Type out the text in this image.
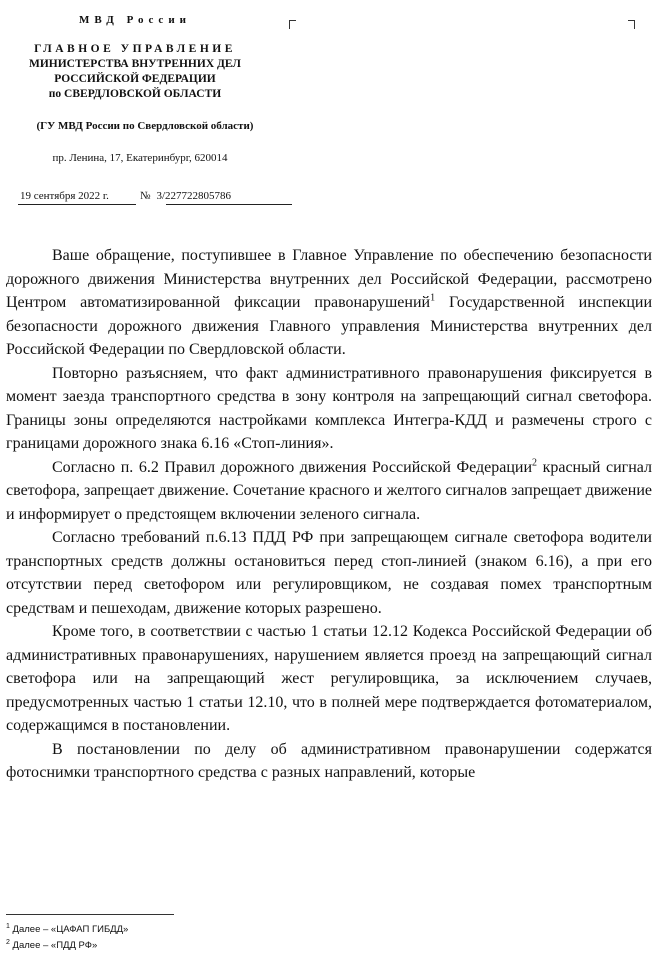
МВД России
ГЛАВНОЕ УПРАВЛЕНИЕ
МИНИСТЕРСТВА ВНУТРЕННИХ ДЕЛ
РОССИЙСКОЙ ФЕДЕРАЦИИ
по СВЕРДЛОВСКОЙ ОБЛАСТИ
(ГУ МВД России по Свердловской области)
пр. Ленина, 17, Екатеринбург, 620014
19 сентября 2022 г.	№ 3/227722805786

Ваше обращение, поступившее в Главное Управление по обеспечению безопасности дорожного движения Министерства внутренних дел Российской Федерации, рассмотрено Центром автоматизированной фиксации правонарушений$^1$ Государственной инспекции безопасности дорожного движения Главного управления Министерства внутренних дел Российской Федерации по Свердловской области.

Повторно разъясняем, что факт административного правонарушения фиксируется в момент заезда транспортного средства в зону контроля на запрещающий сигнал светофора. Границы зоны определяются настройками комплекса Интегра-КДД и размечены строго с границами дорожного знака 6.16 «Стоп-линия».

Согласно п. 6.2 Правил дорожного движения Российской Федерации$^2$ красный сигнал светофора, запрещает движение. Сочетание красного и желтого сигналов запрещает движение и информирует о предстоящем включении зеленого сигнала.

Согласно требований п.6.13 ПДД РФ при запрещающем сигнале светофора водители транспортных средств должны остановиться перед стоп-линией (знаком 6.16), а при его отсутствии перед светофором или регулировщиком, не создавая помех транспортным средствам и пешеходам, движение которых разрешено.

Кроме того, в соответствии с частью 1 статьи 12.12 Кодекса Российской Федерации об административных правонарушениях, нарушением является проезд на запрещающий сигнал светофора или на запрещающий жест регулировщика, за исключением случаев, предусмотренных частью 1 статьи 12.10, что в полней мере подтверждается фотоматериалом, содержащимся в постановлении.

В постановлении по делу об административном правонарушении содержатся фотоснимки транспортного средства с разных направлений, которые

$^1$ Далее – «ЦАФАП ГИБДД»
$^2$ Далее – «ПДД РФ»
